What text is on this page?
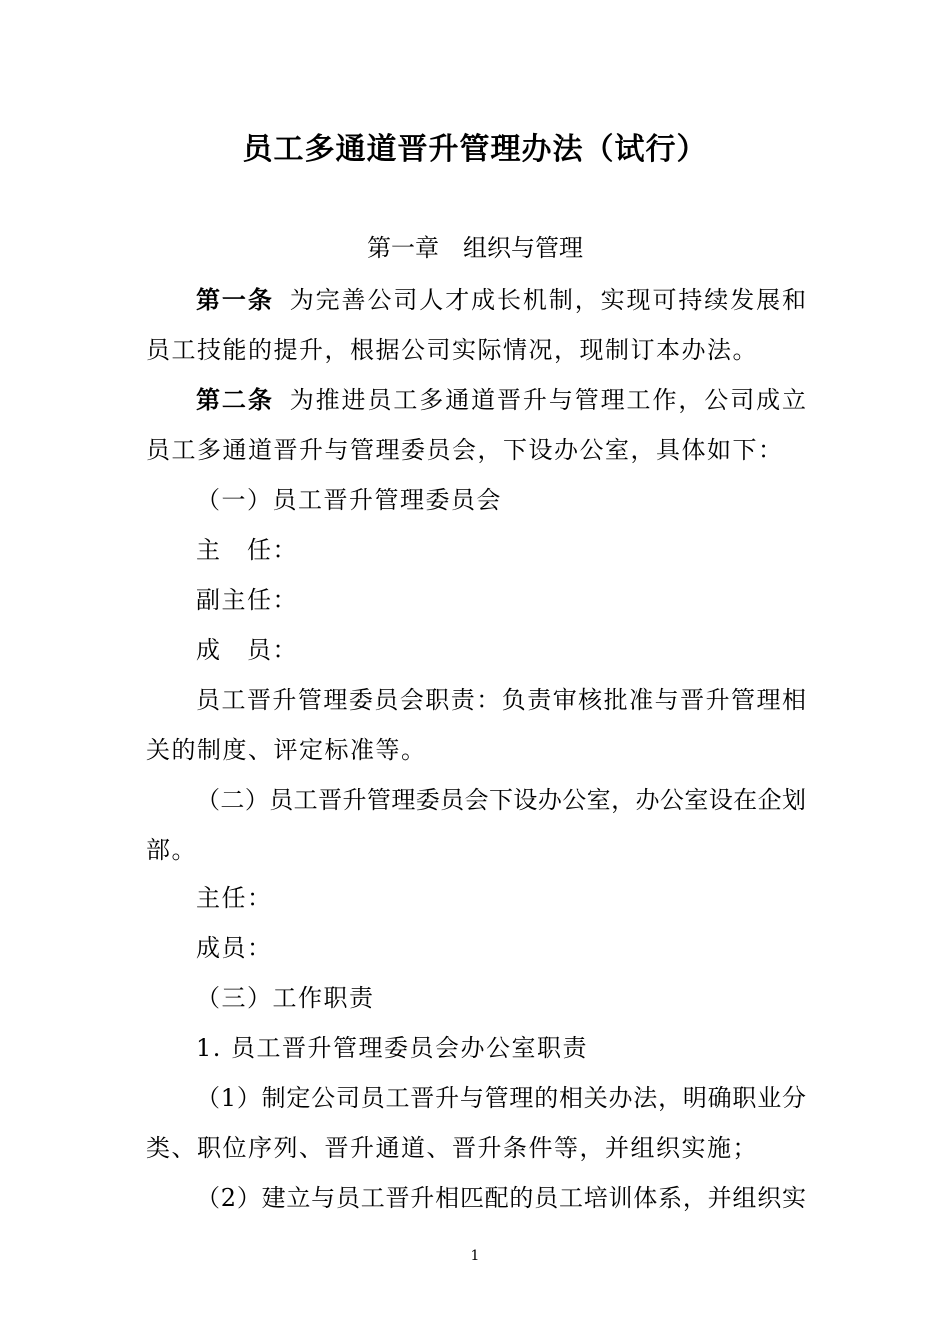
员工多通道晋升管理办法（试行）
第一章　组织与管理
第一条 为完善公司人才成长机制，实现可持续发展和
员工技能的提升，根据公司实际情况，现制订本办法。
第二条 为推进员工多通道晋升与管理工作，公司成立
员工多通道晋升与管理委员会，下设办公室，具体如下：
（一）员工晋升管理委员会
主　任：
副主任：
成　员：
员工晋升管理委员会职责：负责审核批准与晋升管理相
关的制度、评定标准等。
（二）员工晋升管理委员会下设办公室，办公室设在企划
部。
主任：
成员：
（三）工作职责
1. 员工晋升管理委员会办公室职责
（1）制定公司员工晋升与管理的相关办法，明确职业分
类、职位序列、晋升通道、晋升条件等，并组织实施；
（2）建立与员工晋升相匹配的员工培训体系，并组织实
1
